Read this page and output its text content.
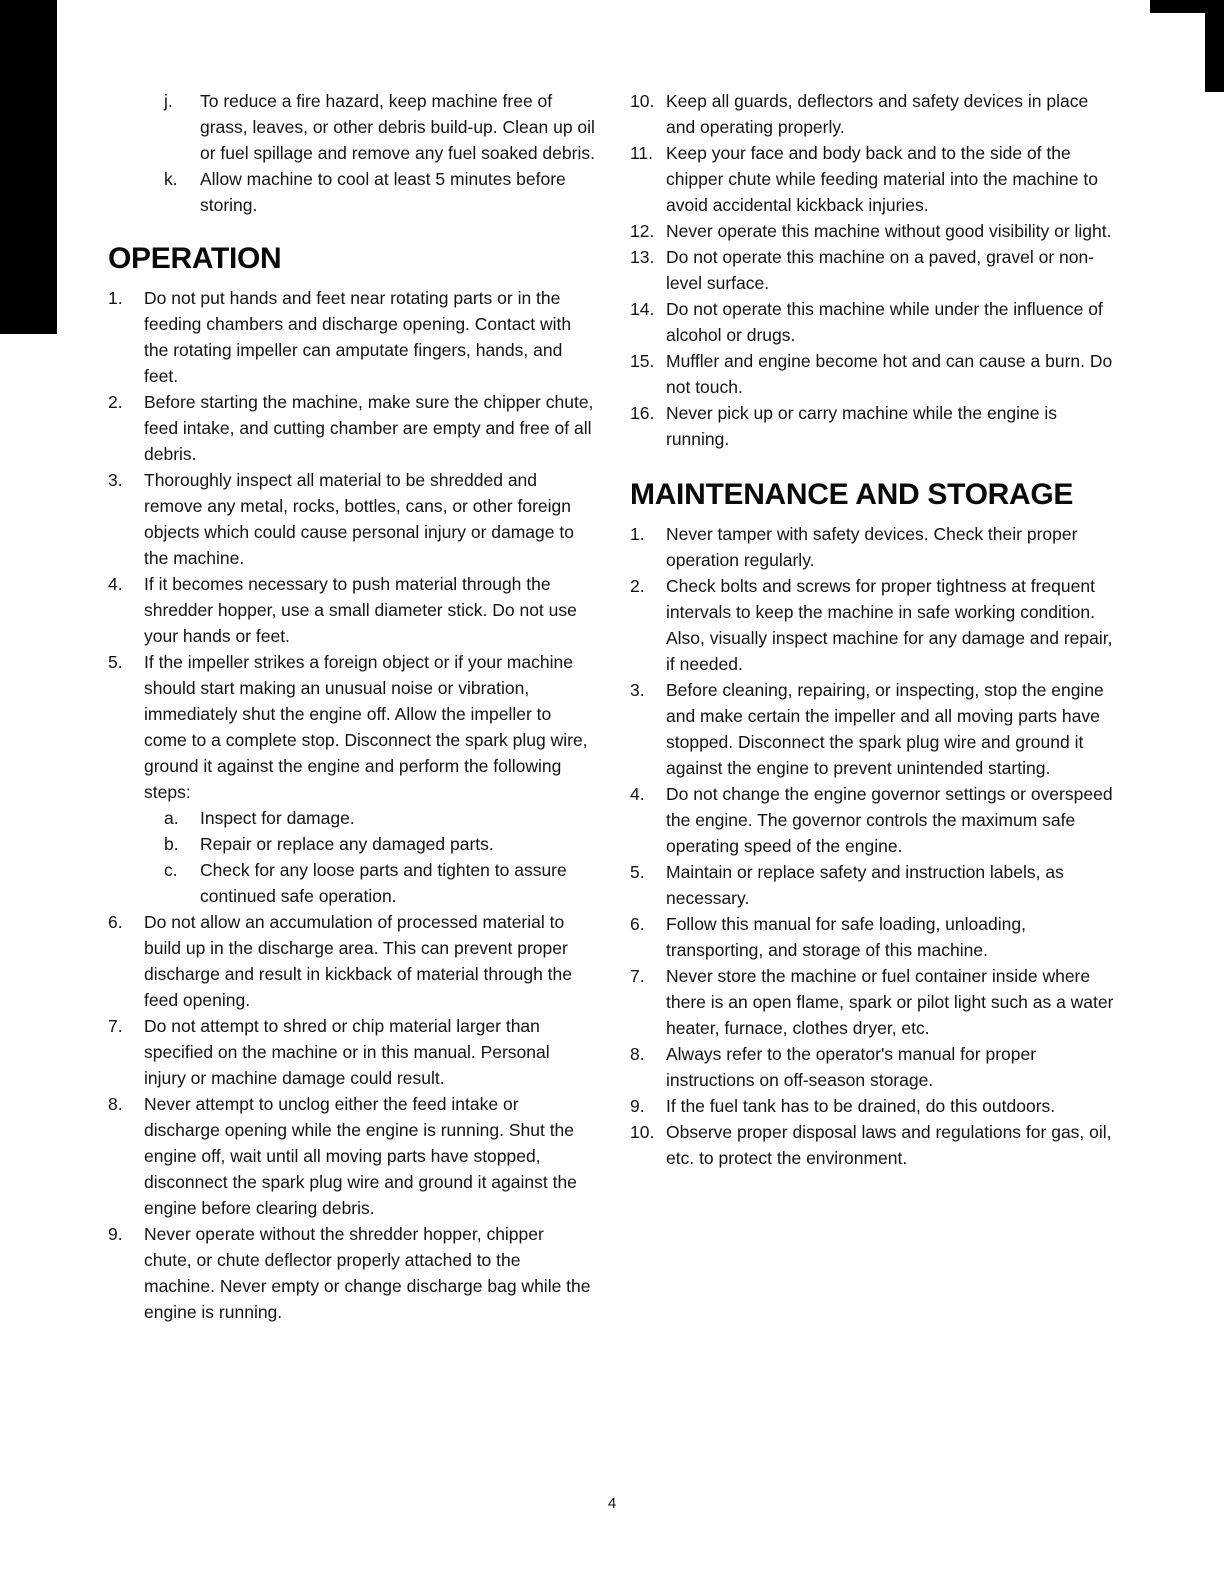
j.	To reduce a fire hazard, keep machine free of grass, leaves, or other debris build-up. Clean up oil or fuel spillage and remove any fuel soaked debris.
k.	Allow machine to cool at least 5 minutes before storing.
OPERATION
1.	Do not put hands and feet near rotating parts or in the feeding chambers and discharge opening. Contact with the rotating impeller can amputate fingers, hands, and feet.
2.	Before starting the machine, make sure the chipper chute, feed intake, and cutting chamber are empty and free of all debris.
3.	Thoroughly inspect all material to be shredded and remove any metal, rocks, bottles, cans, or other foreign objects which could cause personal injury or damage to the machine.
4.	If it becomes necessary to push material through the shredder hopper, use a small diameter stick. Do not use your hands or feet.
5.	If the impeller strikes a foreign object or if your machine should start making an unusual noise or vibration, immediately shut the engine off. Allow the impeller to come to a complete stop. Disconnect the spark plug wire, ground it against the engine and perform the following steps:
a.	Inspect for damage.
b.	Repair or replace any damaged parts.
c.	Check for any loose parts and tighten to assure continued safe operation.
6.	Do not allow an accumulation of processed material to build up in the discharge area. This can prevent proper discharge and result in kickback of material through the feed opening.
7.	Do not attempt to shred or chip material larger than specified on the machine or in this manual. Personal injury or machine damage could result.
8.	Never attempt to unclog either the feed intake or discharge opening while the engine is running. Shut the engine off, wait until all moving parts have stopped, disconnect the spark plug wire and ground it against the engine before clearing debris.
9.	Never operate without the shredder hopper, chipper chute, or chute deflector properly attached to the machine. Never empty or change discharge bag while the engine is running.
10. Keep all guards, deflectors and safety devices in place and operating properly.
11. Keep your face and body back and to the side of the chipper chute while feeding material into the machine to avoid accidental kickback injuries.
12. Never operate this machine without good visibility or light.
13. Do not operate this machine on a paved, gravel or non-level surface.
14. Do not operate this machine while under the influence of alcohol or drugs.
15. Muffler and engine become hot and can cause a burn. Do not touch.
16. Never pick up or carry machine while the engine is running.
MAINTENANCE AND STORAGE
1.	Never tamper with safety devices. Check their proper operation regularly.
2.	Check bolts and screws for proper tightness at frequent intervals to keep the machine in safe working condition. Also, visually inspect machine for any damage and repair, if needed.
3.	Before cleaning, repairing, or inspecting, stop the engine and make certain the impeller and all moving parts have stopped. Disconnect the spark plug wire and ground it against the engine to prevent unintended starting.
4.	Do not change the engine governor settings or overspeed the engine. The governor controls the maximum safe operating speed of the engine.
5.	Maintain or replace safety and instruction labels, as necessary.
6.	Follow this manual for safe loading, unloading, transporting, and storage of this machine.
7.	Never store the machine or fuel container inside where there is an open flame, spark or pilot light such as a water heater, furnace, clothes dryer, etc.
8.	Always refer to the operator's manual for proper instructions on off-season storage.
9.	If the fuel tank has to be drained, do this outdoors.
10. Observe proper disposal laws and regulations for gas, oil, etc. to protect the environment.
4
